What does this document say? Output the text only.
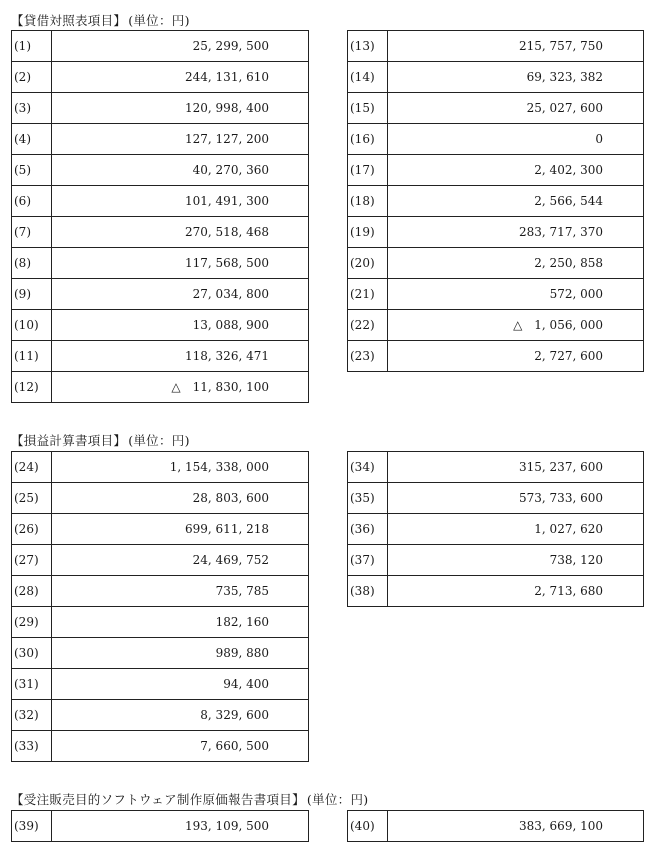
【貸借対照表項目】 (単位：円)
(1)	25, 299, 500
(2)	244, 131, 610
(3)	120, 998, 400
(4)	127, 127, 200
(5)	40, 270, 360
(6)	101, 491, 300
(7)	270, 518, 468
(8)	117, 568, 500
(9)	27, 034, 800
(10)	13, 088, 900
(11)	118, 326, 471
(12)	△ 11, 830, 100
(13)	215, 757, 750
(14)	69, 323, 382
(15)	25, 027, 600
(16)	0
(17)	2, 402, 300
(18)	2, 566, 544
(19)	283, 717, 370
(20)	2, 250, 858
(21)	572, 000
(22)	△ 1, 056, 000
(23)	2, 727, 600
【損益計算書項目】 (単位：円)
(24)	1, 154, 338, 000
(25)	28, 803, 600
(26)	699, 611, 218
(27)	24, 469, 752
(28)	735, 785
(29)	182, 160
(30)	989, 880
(31)	94, 400
(32)	8, 329, 600
(33)	7, 660, 500
(34)	315, 237, 600
(35)	573, 733, 600
(36)	1, 027, 620
(37)	738, 120
(38)	2, 713, 680
【受注販売目的ソフトウェア制作原価報告書項目】 (単位：円)
(39)	193, 109, 500	(40)	383, 669, 100
